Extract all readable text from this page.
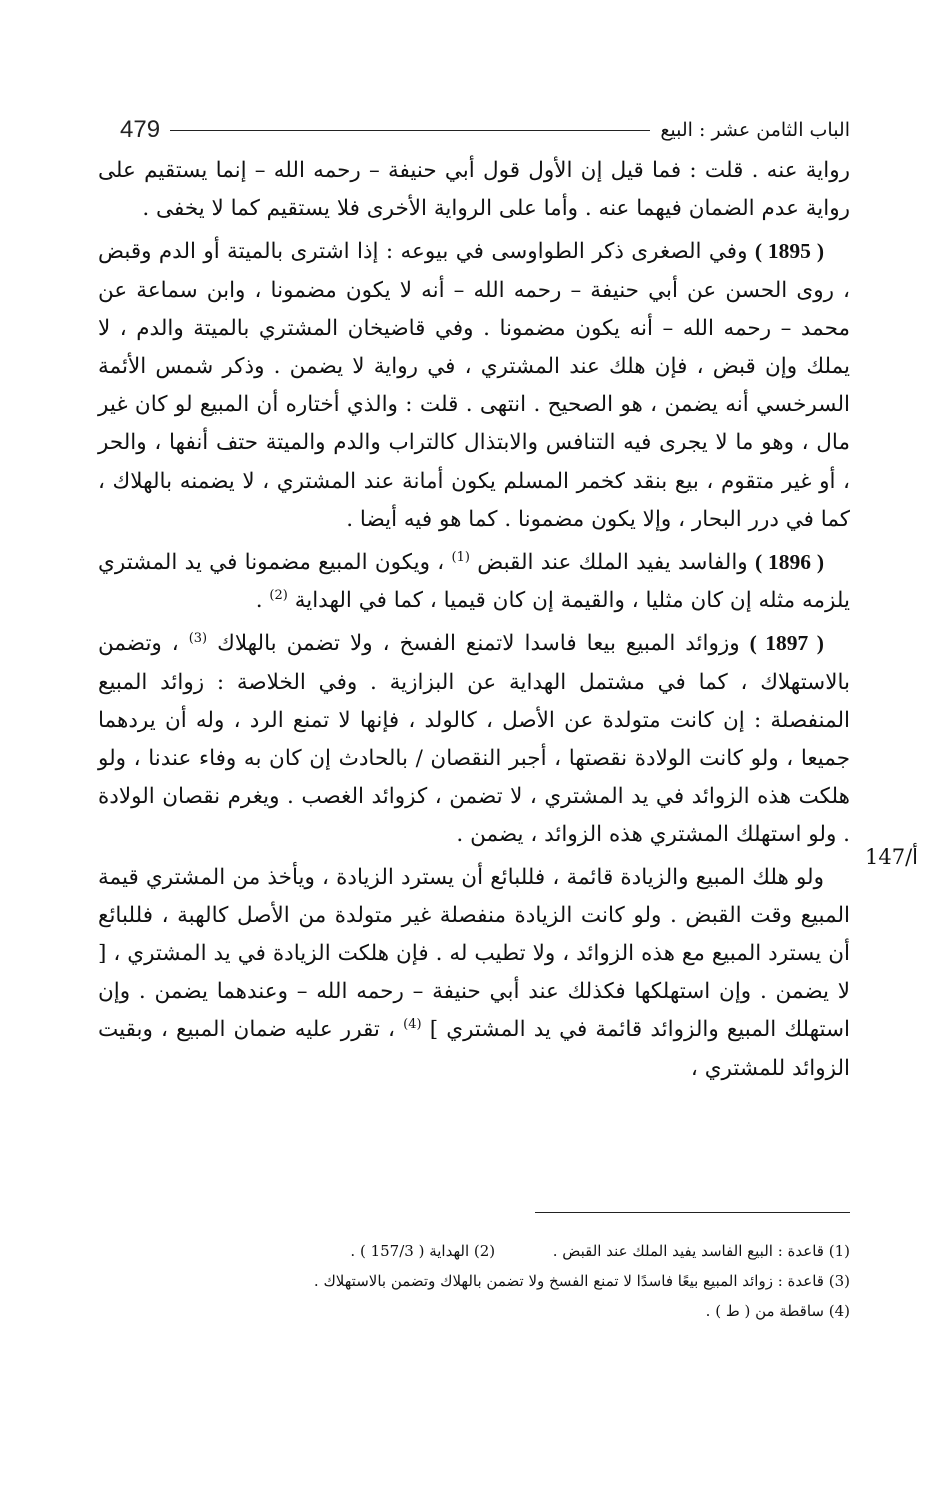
479	الباب الثامن عشر : البيع
147/أ

رواية عنه . قلت : فما قيل إن الأول قول أبي حنيفة – رحمه الله – إنما يستقيم على رواية عدم الضمان فيهما عنه . وأما على الرواية الأخرى فلا يستقيم كما لا يخفى .

( 1895 ) وفي الصغرى ذكر الطواوسى في بيوعه : إذا اشترى بالميتة أو الدم وقبض ، روى الحسن عن أبي حنيفة – رحمه الله – أنه لا يكون مضمونا ، وابن سماعة عن محمد – رحمه الله – أنه يكون مضمونا . وفي قاضيخان المشتري بالميتة والدم ، لا يملك وإن قبض ، فإن هلك عند المشتري ، في رواية لا يضمن . وذكر شمس الأئمة السرخسي أنه يضمن ، هو الصحيح . انتهى . قلت : والذي أختاره أن المبيع لو كان غير مال ، وهو ما لا يجرى فيه التنافس والابتذال كالتراب والدم والميتة حتف أنفها ، والحر ، أو غير متقوم ، بيع بنقد كخمر المسلم يكون أمانة عند المشتري ، لا يضمنه بالهلاك ، كما في درر البحار ، وإلا يكون مضمونا . كما هو فيه أيضا .

( 1896 ) والفاسد يفيد الملك عند القبض $^{(1)}$ ، ويكون المبيع مضمونا في يد المشتري يلزمه مثله إن كان مثليا ، والقيمة إن كان قيميا ، كما في الهداية $^{(2)}$ .

( 1897 ) وزوائد المبيع بيعا فاسدا لاتمنع الفسخ ، ولا تضمن بالهلاك $^{(3)}$ ، وتضمن بالاستهلاك ، كما في مشتمل الهداية عن البزازية . وفي الخلاصة : زوائد المبيع المنفصلة : إن كانت متولدة عن الأصل ، كالولد ، فإنها لا تمنع الرد ، وله أن يردهما جميعا ، ولو كانت الولادة نقصتها ، أجبر النقصان / بالحادث إن كان به وفاء عندنا ، ولو هلكت هذه الزوائد في يد المشتري ، لا تضمن ، كزوائد الغصب . ويغرم نقصان الولادة . ولو استهلك المشتري هذه الزوائد ، يضمن .

ولو هلك المبيع والزيادة قائمة ، فللبائع أن يسترد الزيادة ، ويأخذ من المشتري قيمة المبيع وقت القبض . ولو كانت الزيادة منفصلة غير متولدة من الأصل كالهبة ، فللبائع أن يسترد المبيع مع هذه الزوائد ، ولا تطيب له . فإن هلكت الزيادة في يد المشتري ، [ لا يضمن . وإن استهلكها فكذلك عند أبي حنيفة – رحمه الله – وعندهما يضمن . وإن استهلك المبيع والزوائد قائمة في يد المشتري ] $^{(4)}$ ، تقرر عليه ضمان المبيع ، وبقيت الزوائد للمشتري ،

(1) قاعدة : البيع الفاسد يفيد الملك عند القبض .  (2) الهداية ( 157/3 ) .
(3) قاعدة : زوائد المبيع بيعًا فاسدًا لا تمنع الفسخ ولا تضمن بالهلاك وتضمن بالاستهلاك .
(4) ساقطة من ( ط ) .
